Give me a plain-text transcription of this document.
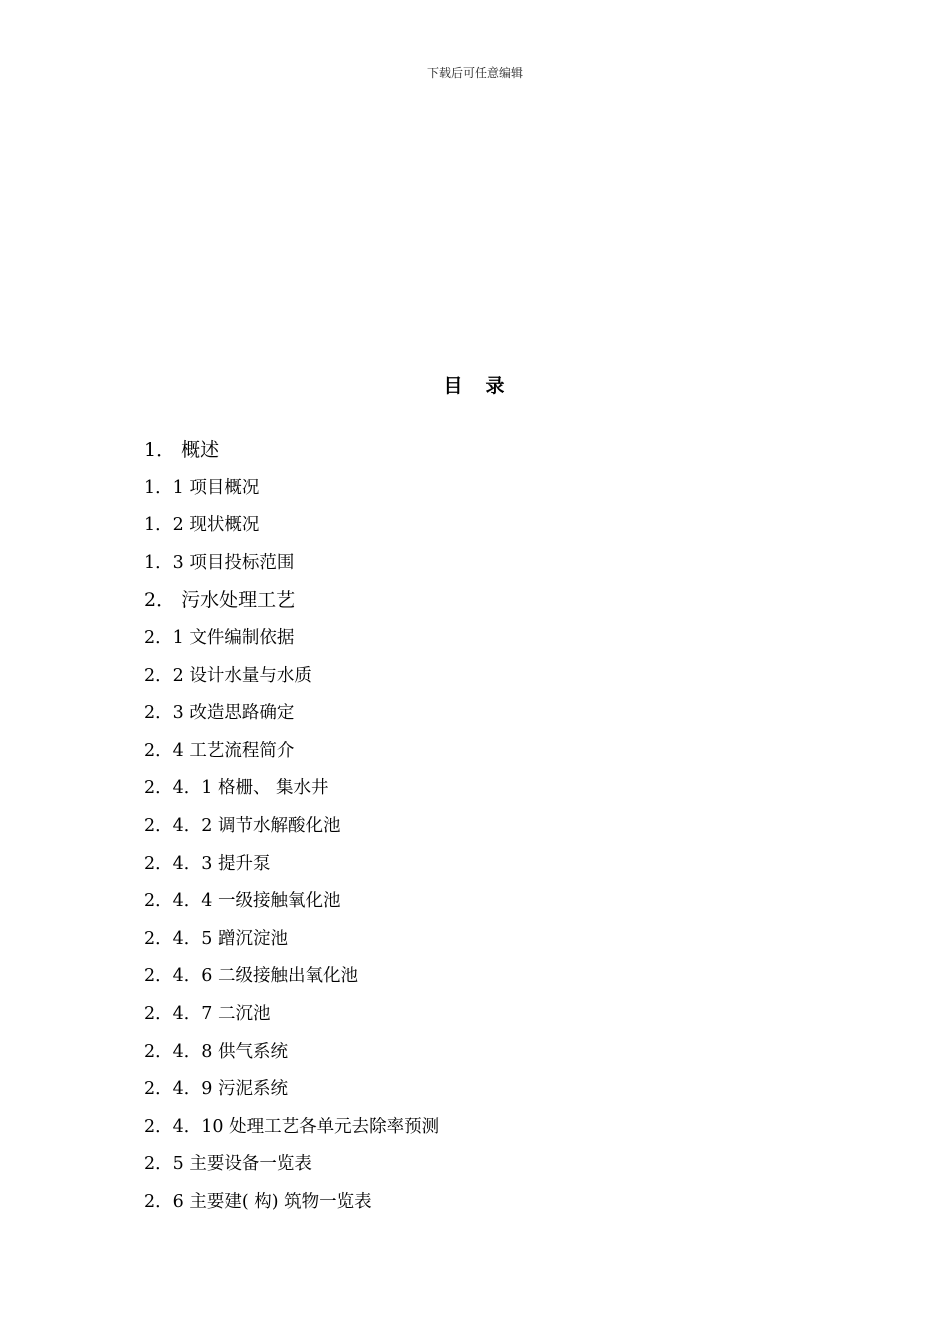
下载后可任意编辑
目　录
1． 概述
1．1 项目概况
1．2 现状概况
1．3 项目投标范围
2． 污水处理工艺
2．1 文件编制依据
2．2 设计水量与水质
2．3 改造思路确定
2．4 工艺流程简介
2．4．1 格栅、 集水井
2．4．2 调节水解酸化池
2．4．3 提升泵
2．4．4 一级接触氧化池
2．4．5 蹭沉淀池
2．4．6 二级接触出氧化池
2．4．7 二沉池
2．4．8 供气系统
2．4．9 污泥系统
2．4．10 处理工艺各单元去除率预测
2．5 主要设备一览表
2．6 主要建( 构) 筑物一览表
